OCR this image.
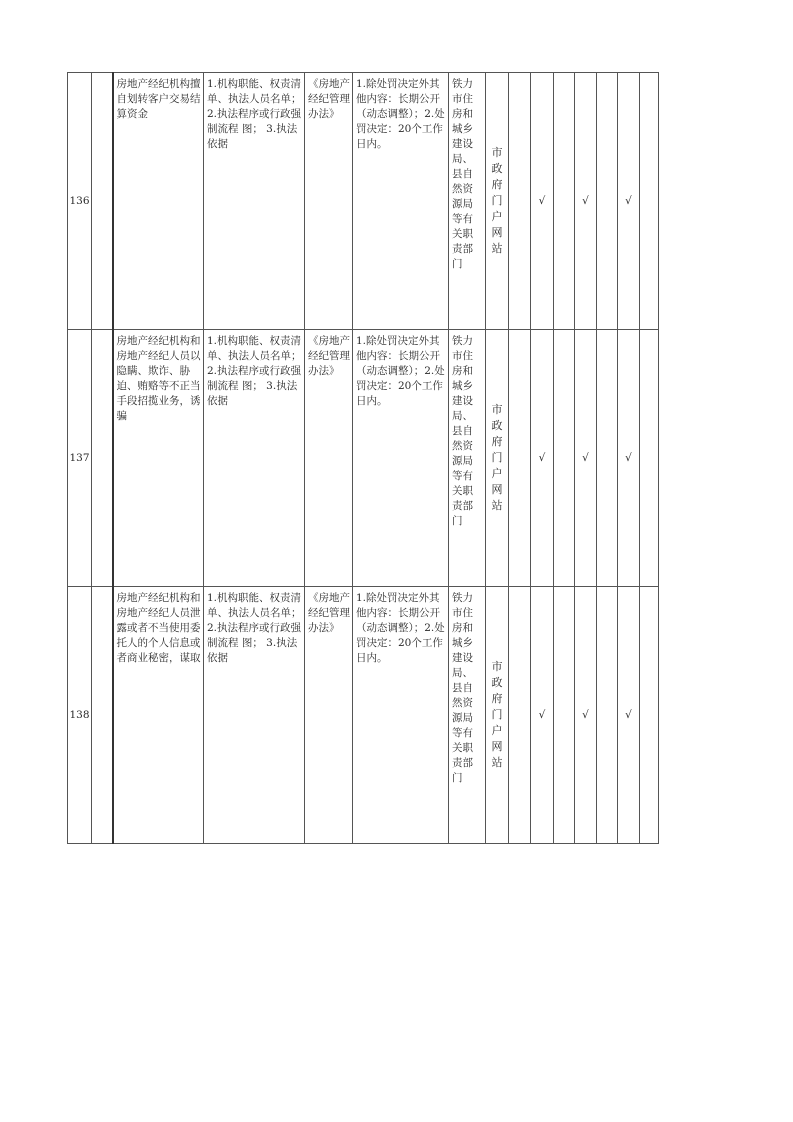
136		房地产经纪机构擅自划转客户交易结算资金	1.机构职能、权责清单、执法人员名单； 2.执法程序或行政强制流程 图； 3.执法依据	《房地产经纪管理办法》	1.除处罚决定外其他内容：长期公开 （动态调整）；2.处罚决定：20个工作日内。	铁力市住房和城乡建设局、县自然资源局等有关职责部门	市政府门户网站		√		√		√	
137		房地产经纪机构和房地产经纪人员以隐瞒、欺诈、胁迫、贿赂等不正当手段招揽业务，诱骗	1.机构职能、权责清单、执法人员名单； 2.执法程序或行政强制流程 图； 3.执法依据	《房地产经纪管理办法》	1.除处罚决定外其他内容：长期公开 （动态调整）；2.处罚决定：20个工作日内。	铁力市住房和城乡建设局、县自然资源局等有关职责部门	市政府门户网站		√		√		√	
138		房地产经纪机构和房地产经纪人员泄露或者不当使用委托人的个人信息或者商业秘密，谋取	1.机构职能、权责清单、执法人员名单； 2.执法程序或行政强制流程 图； 3.执法依据	《房地产经纪管理办法》	1.除处罚决定外其他内容：长期公开 （动态调整）；2.处罚决定：20个工作日内。	铁力市住房和城乡建设局、县自然资源局等有关职责部门	市政府门户网站		√		√		√	
